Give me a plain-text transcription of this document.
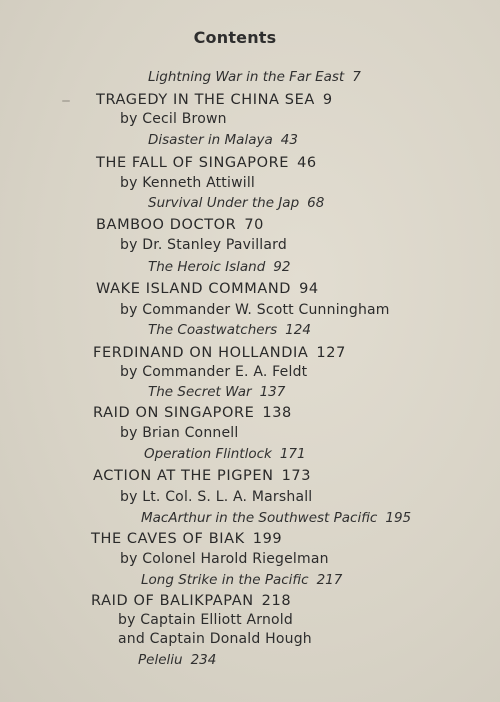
Contents
Lightning War in the Far East 7
TRAGEDY IN THE CHINA SEA 9
by Cecil Brown
Disaster in Malaya 43
THE FALL OF SINGAPORE 46
by Kenneth Attiwill
Survival Under the Jap 68
BAMBOO DOCTOR 70
by Dr. Stanley Pavillard
The Heroic Island 92
WAKE ISLAND COMMAND 94
by Commander W. Scott Cunningham
The Coastwatchers 124
FERDINAND ON HOLLANDIA 127
by Commander E. A. Feldt
The Secret War 137
RAID ON SINGAPORE 138
by Brian Connell
Operation Flintlock 171
ACTION AT THE PIGPEN 173
by Lt. Col. S. L. A. Marshall
MacArthur in the Southwest Pacific 195
THE CAVES OF BIAK 199
by Colonel Harold Riegelman
Long Strike in the Pacific 217
RAID OF BALIKPAPAN 218
by Captain Elliott Arnold
and Captain Donald Hough
Peleliu 234
